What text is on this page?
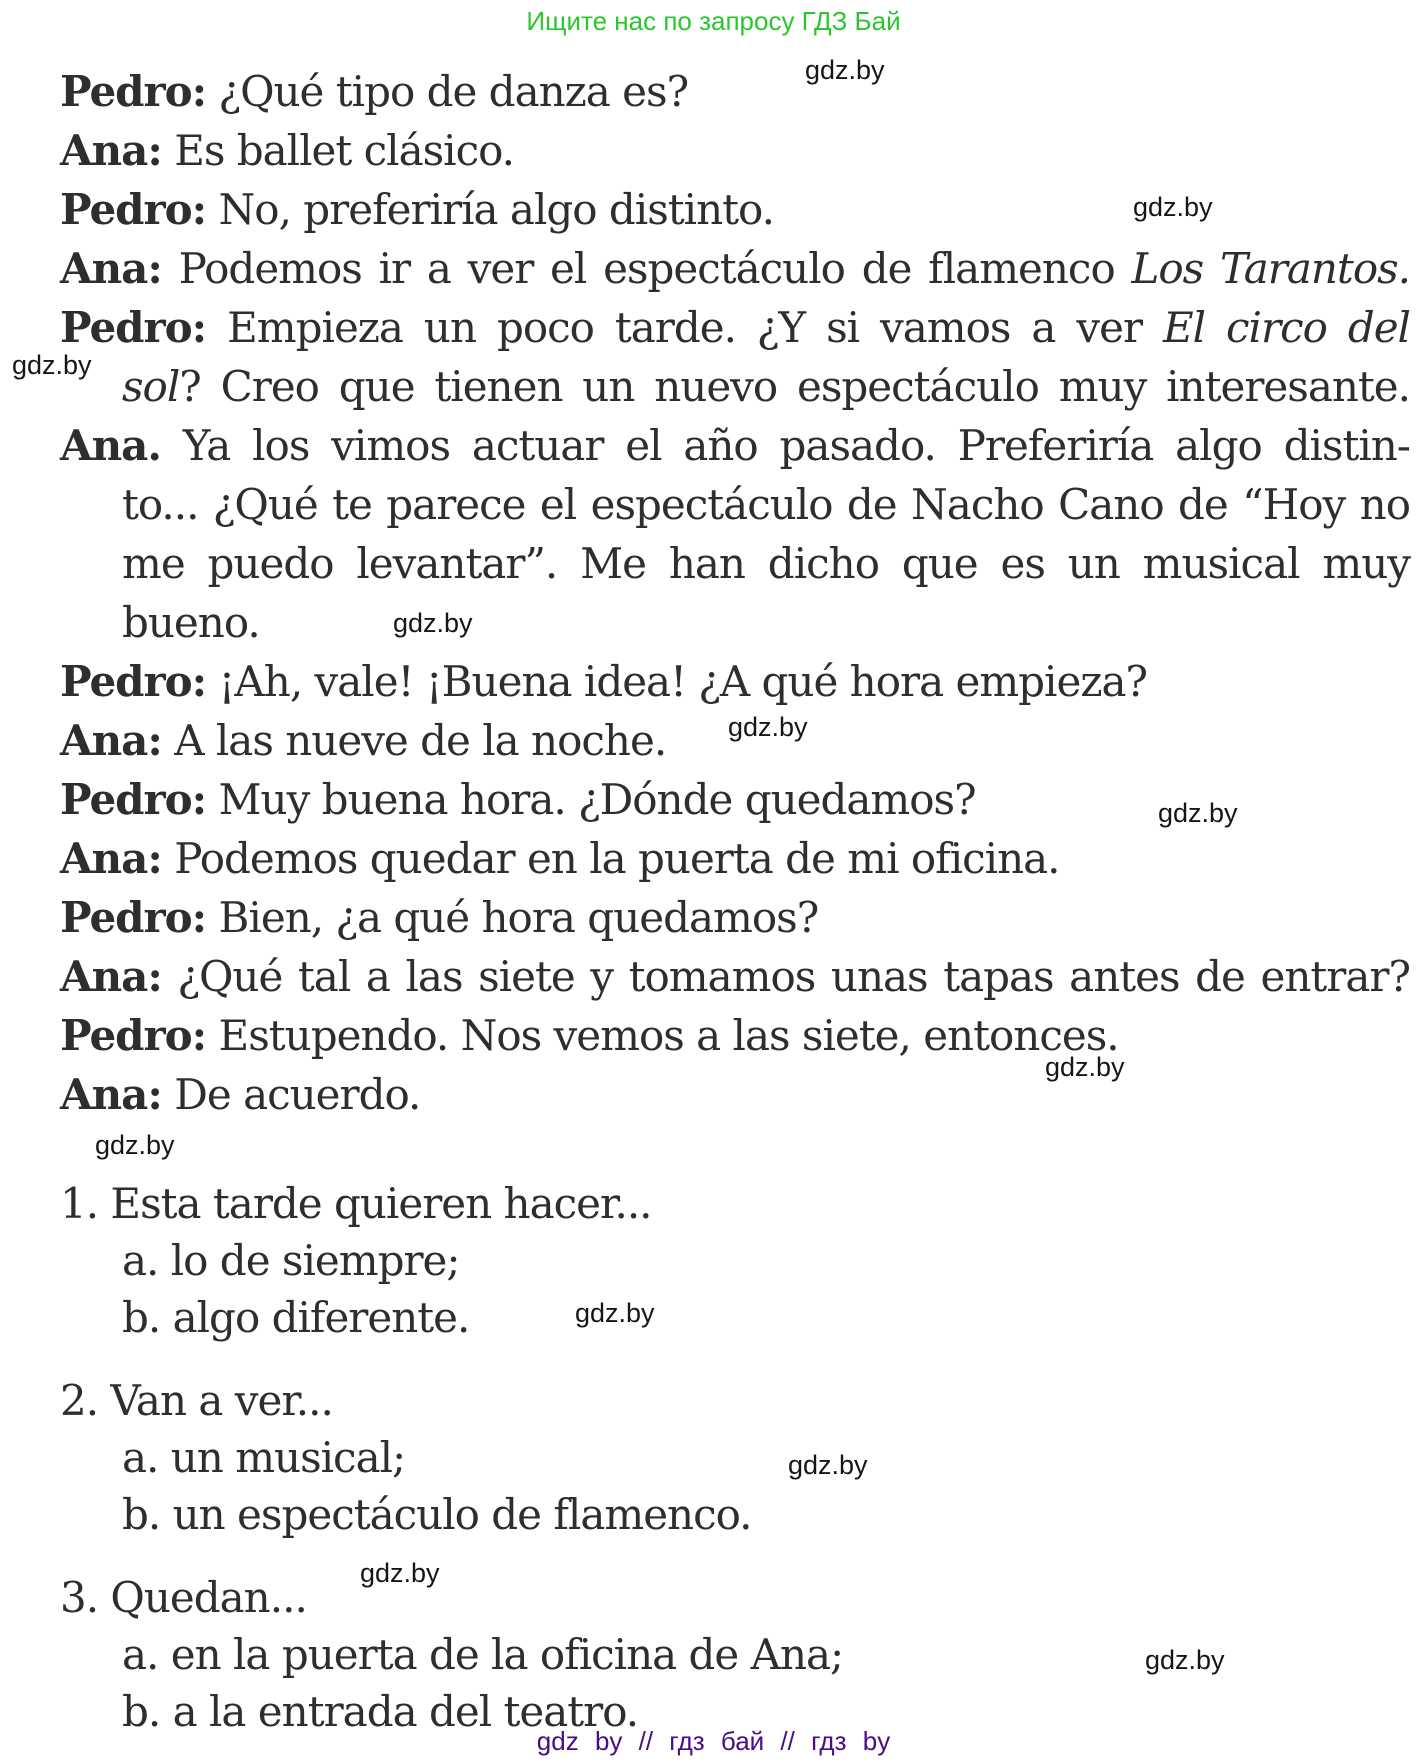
Ищите нас по запросу ГДЗ Бай
gdz.by
gdz.by
gdz.by
gdz.by
gdz.by
gdz.by
gdz.by
gdz.by
gdz.by
gdz.by
gdz.by
gdz.by
Pedro: ¿Qué tipo de danza es?
Ana: Es ballet clásico.
Pedro: No, preferiría algo distinto.
Ana: Podemos ir a ver el espectáculo de flamenco Los Tarantos.
Pedro: Empieza un poco tarde. ¿Y si vamos a ver El circo del
sol? Creo que tienen un nuevo espectáculo muy interesante.
Ana. Ya los vimos actuar el año pasado. Preferiría algo distin-
to... ¿Qué te parece el espectáculo de Nacho Cano de “Hoy no
me puedo levantar”. Me han dicho que es un musical muy
bueno.
Pedro: ¡Ah, vale! ¡Buena idea! ¿A qué hora empieza?
Ana: A las nueve de la noche.
Pedro: Muy buena hora. ¿Dónde quedamos?
Ana: Podemos quedar en la puerta de mi oficina.
Pedro: Bien, ¿a qué hora quedamos?
Ana: ¿Qué tal a las siete y tomamos unas tapas antes de entrar?
Pedro: Estupendo. Nos vemos a las siete, entonces.
Ana: De acuerdo.
1. Esta tarde quieren hacer...
a. lo de siempre;
b. algo diferente.
2. Van a ver...
a. un musical;
b. un espectáculo de flamenco.
3. Quedan...
a. en la puerta de la oficina de Ana;
b. a la entrada del teatro.
gdz by // гдз бай // гдз by
